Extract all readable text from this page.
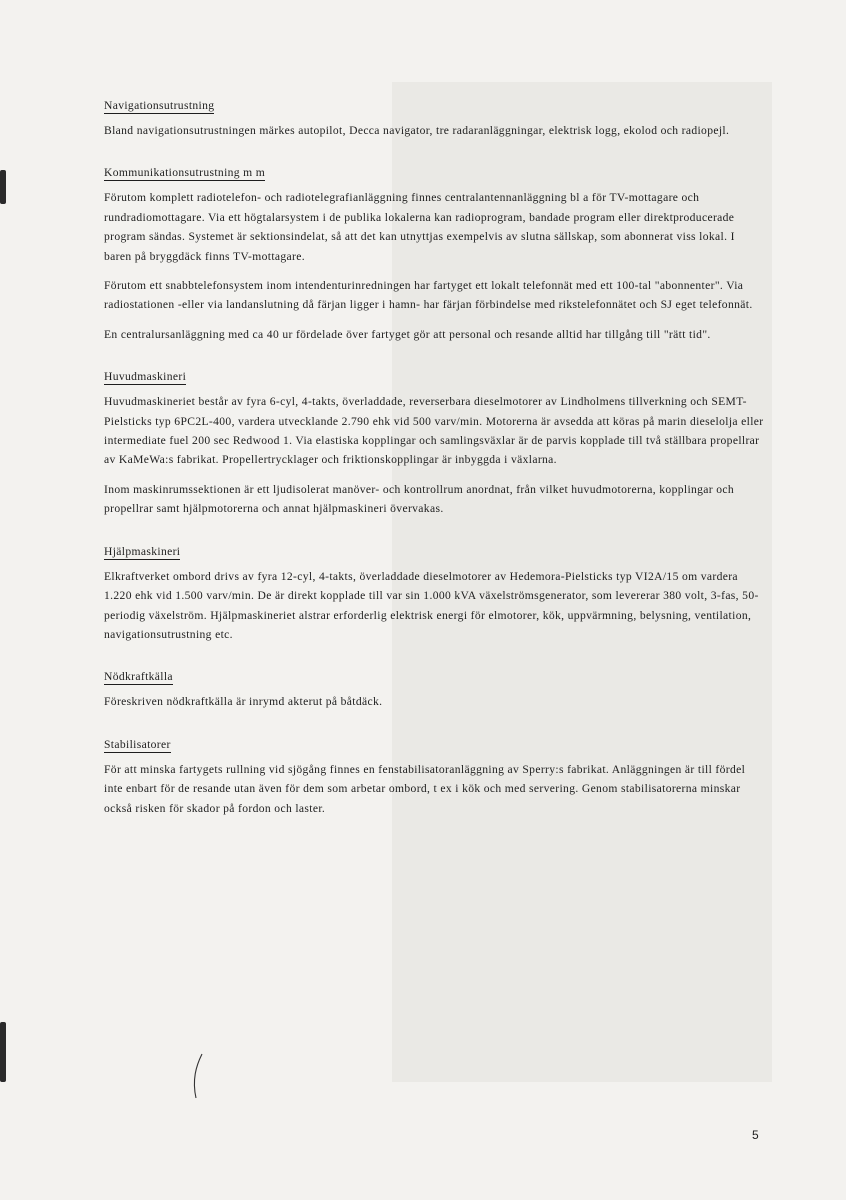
Navigationsutrustning

Bland navigationsutrustningen märkes autopilot, Decca navigator, tre radaranläggningar, elektrisk logg, ekolod och radiopejl.

Kommunikationsutrustning m m

Förutom komplett radiotelefon- och radiotelegrafianläggning finnes centralantennanläggning bl a för TV-mottagare och rundradiomottagare. Via ett högtalarsystem i de publika lokalerna kan radioprogram, bandade program eller direktproducerade program sändas. Systemet är sektionsindelat, så att det kan utnyttjas exempelvis av slutna sällskap, som abonnerat viss lokal. I baren på bryggdäck finns TV-mottagare.

Förutom ett snabbtelefonsystem inom intendenturinredningen har fartyget ett lokalt telefonnät med ett 100-tal "abonnenter". Via radiostationen -eller via landanslutning då färjan ligger i hamn- har färjan förbindelse med rikstelefonnätet och SJ eget telefonnät.

En centralursanläggning med ca 40 ur fördelade över fartyget gör att personal och resande alltid har tillgång till "rätt tid".

Huvudmaskineri

Huvudmaskineriet består av fyra 6-cyl, 4-takts, överladdade, reverserbara dieselmotorer av Lindholmens tillverkning och SEMT-Pielsticks typ 6PC2L-400, vardera utvecklande 2.790 ehk vid 500 varv/min. Motorerna är avsedda att köras på marin dieselolja eller intermediate fuel 200 sec Redwood 1. Via elastiska kopplingar och samlingsväxlar är de parvis kopplade till två ställbara propellrar av KaMeWa:s fabrikat. Propellertrycklager och friktionskopplingar är inbyggda i växlarna.

Inom maskinrumssektionen är ett ljudisolerat manöver- och kontrollrum anordnat, från vilket huvudmotorerna, kopplingar och propellrar samt hjälpmotorerna och annat hjälpmaskineri övervakas.

Hjälpmaskineri

Elkraftverket ombord drivs av fyra 12-cyl, 4-takts, överladdade dieselmotorer av Hedemora-Pielsticks typ VI2A/15 om vardera 1.220 ehk vid 1.500 varv/min. De är direkt kopplade till var sin 1.000 kVA växelströmsgenerator, som levererar 380 volt, 3-fas, 50-periodig växelström. Hjälpmaskineriet alstrar erforderlig elektrisk energi för elmotorer, kök, uppvärmning, belysning, ventilation, navigationsutrustning etc.

Nödkraftkälla

Föreskriven nödkraftkälla är inrymd akterut på båtdäck.

Stabilisatorer

För att minska fartygets rullning vid sjögång finnes en fenstabilisatoranläggning av Sperry:s fabrikat. Anläggningen är till fördel inte enbart för de resande utan även för dem som arbetar ombord, t ex i kök och med servering. Genom stabilisatorerna minskar också risken för skador på fordon och laster.

5
